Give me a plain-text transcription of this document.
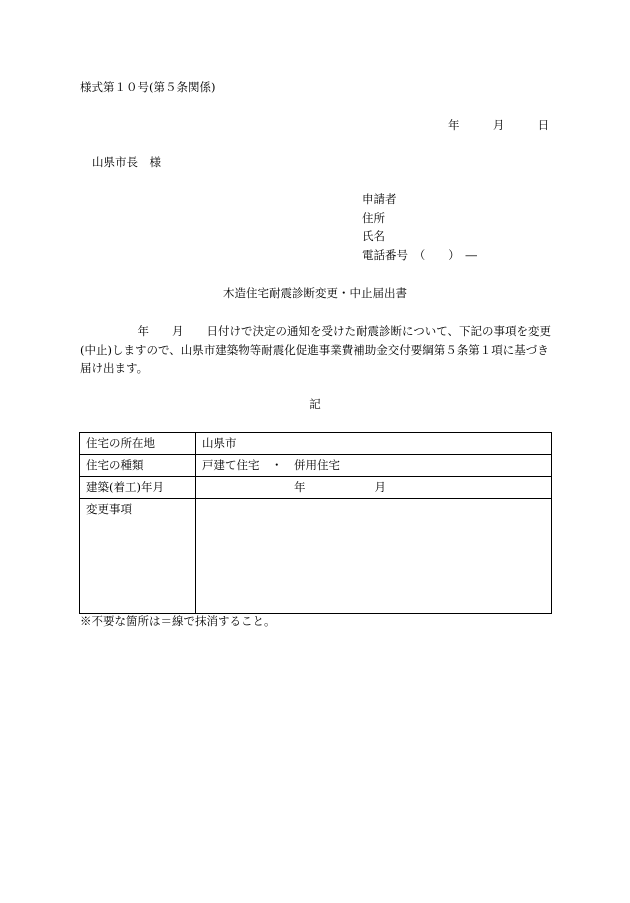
様式第１０号(第５条関係)
年	月	日
山県市長　様
申請者
住所
氏名
電話番号　（　　）　―
木造住宅耐震診断変更・中止届出書
　　　　　年　　月　　日付けで決定の通知を受けた耐震診断について、下記の事項を変更(中止)しますので、山県市建築物等耐震化促進事業費補助金交付要綱第５条第１項に基づき届け出ます。
記
住宅の所在地	山県市
住宅の種類	戸建て住宅　・　併用住宅
建築(着工)年月	　　　　　　　　年　　　　　　月
変更事項	
※不要な箇所は＝線で抹消すること。
